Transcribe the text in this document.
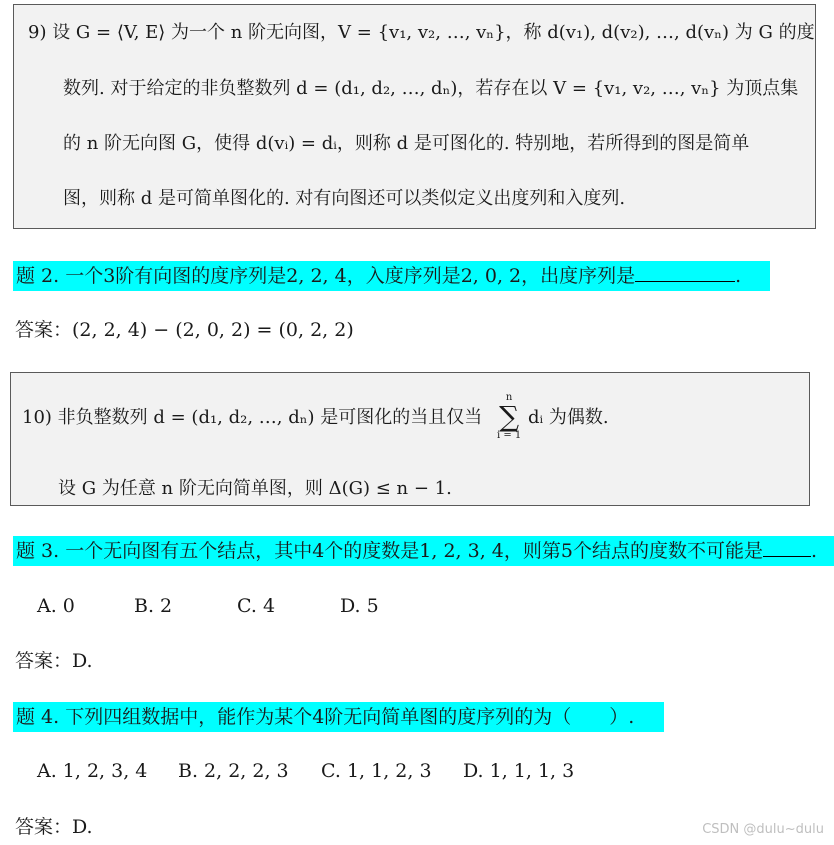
9) 设 G = ⟨V, E⟩ 为一个 n 阶无向图，V = {v₁, v₂, …, vₙ}，称 d(v₁), d(v₂), …, d(vₙ) 为 G 的度
数列. 对于给定的非负整数列 d = (d₁, d₂, …, dₙ)，若存在以 V = {v₁, v₂, …, vₙ} 为顶点集
的 n 阶无向图 G，使得 d(vᵢ) = dᵢ，则称 d 是可图化的. 特别地，若所得到的图是简单
图，则称 d 是可简单图化的. 对有向图还可以类似定义出度列和入度列.
题 2. 一个3阶有向图的度序列是2, 2, 4，入度序列是2, 0, 2，出度序列是	.
答案：(2, 2, 4) − (2, 0, 2) = (0, 2, 2)
10) 非负整数列 d = (d₁, d₂, …, dₙ) 是可图化的当且仅当
n
∑
i = 1
dᵢ 为偶数.
设 G 为任意 n 阶无向简单图，则 Δ(G) ≤ n − 1.
题 3. 一个无向图有五个结点，其中4个的度数是1, 2, 3, 4，则第5个结点的度数不可能是	.
A. 0	B. 2	C. 4	D. 5
答案：D.
题 4. 下列四组数据中，能作为某个4阶无向简单图的度序列的为（　　）.
A. 1, 2, 3, 4 B. 2, 2, 2, 3 C. 1, 1, 2, 3 D. 1, 1, 1, 3
答案：D.	CSDN @dulu~dulu
